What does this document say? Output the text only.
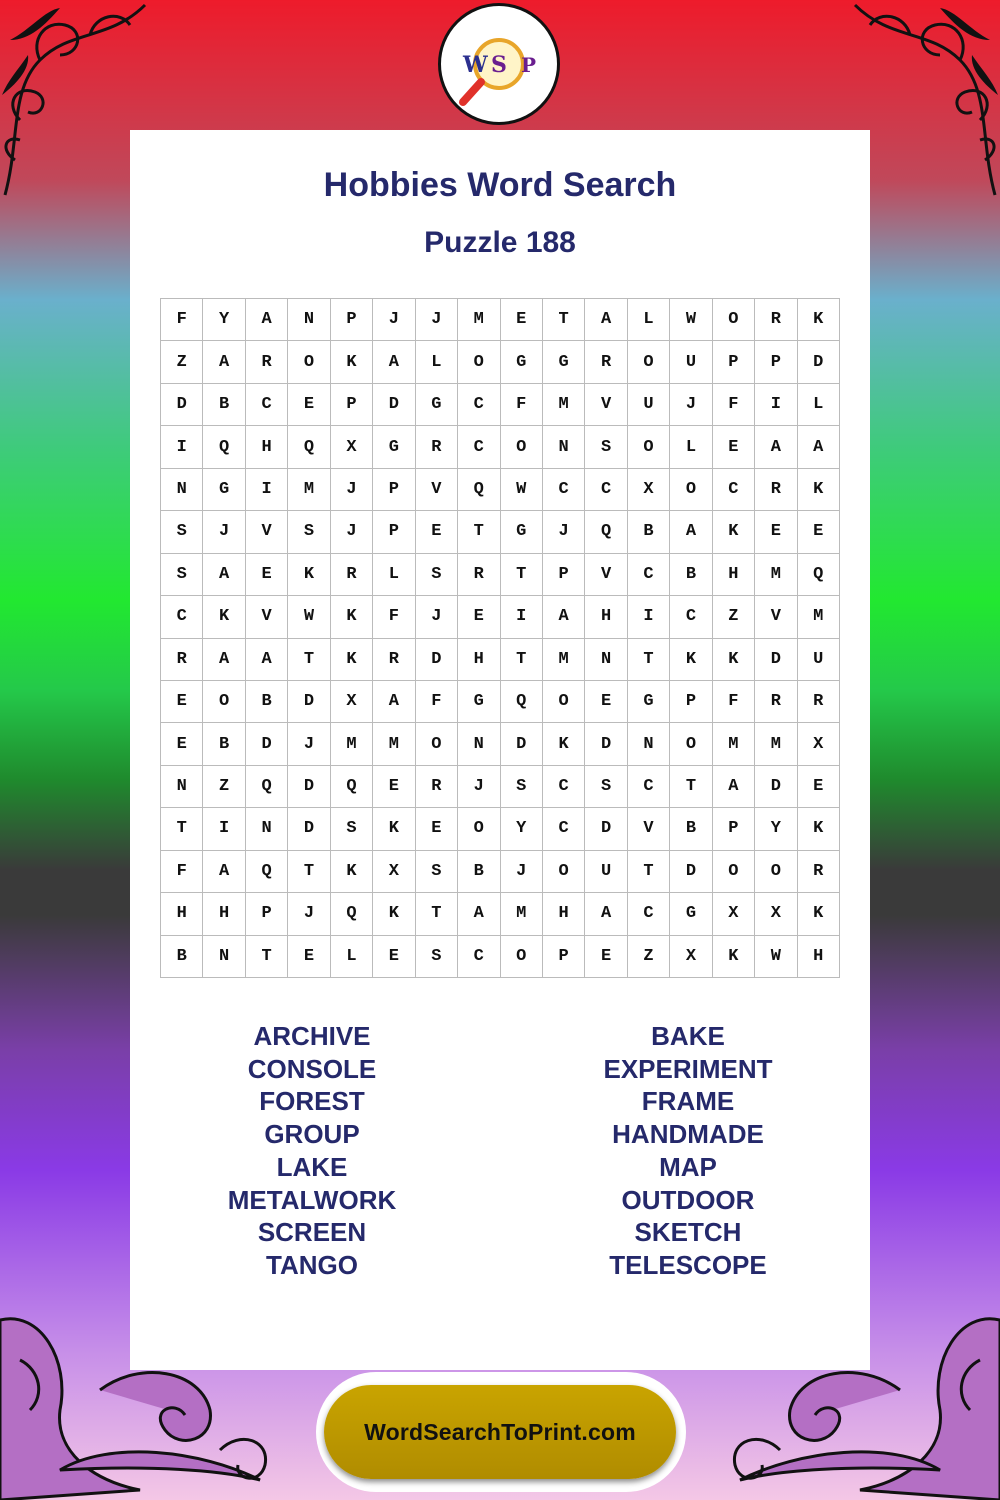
W S P
Hobbies Word Search
Puzzle 188
F	Y	A	N	P	J	J	M	E	T	A	L	W	O	R	K
Z	A	R	O	K	A	L	O	G	G	R	O	U	P	P	D
D	B	C	E	P	D	G	C	F	M	V	U	J	F	I	L
I	Q	H	Q	X	G	R	C	O	N	S	O	L	E	A	A
N	G	I	M	J	P	V	Q	W	C	C	X	O	C	R	K
S	J	V	S	J	P	E	T	G	J	Q	B	A	K	E	E
S	A	E	K	R	L	S	R	T	P	V	C	B	H	M	Q
C	K	V	W	K	F	J	E	I	A	H	I	C	Z	V	M
R	A	A	T	K	R	D	H	T	M	N	T	K	K	D	U
E	O	B	D	X	A	F	G	Q	O	E	G	P	F	R	R
E	B	D	J	M	M	O	N	D	K	D	N	O	M	M	X
N	Z	Q	D	Q	E	R	J	S	C	S	C	T	A	D	E
T	I	N	D	S	K	E	O	Y	C	D	V	B	P	Y	K
F	A	Q	T	K	X	S	B	J	O	U	T	D	O	O	R
H	H	P	J	Q	K	T	A	M	H	A	C	G	X	X	K
B	N	T	E	L	E	S	C	O	P	E	Z	X	K	W	H
ARCHIVE
CONSOLE
FOREST
GROUP
LAKE
METALWORK
SCREEN
TANGO
BAKE
EXPERIMENT
FRAME
HANDMADE
MAP
OUTDOOR
SKETCH
TELESCOPE
WordSearchToPrint.com
